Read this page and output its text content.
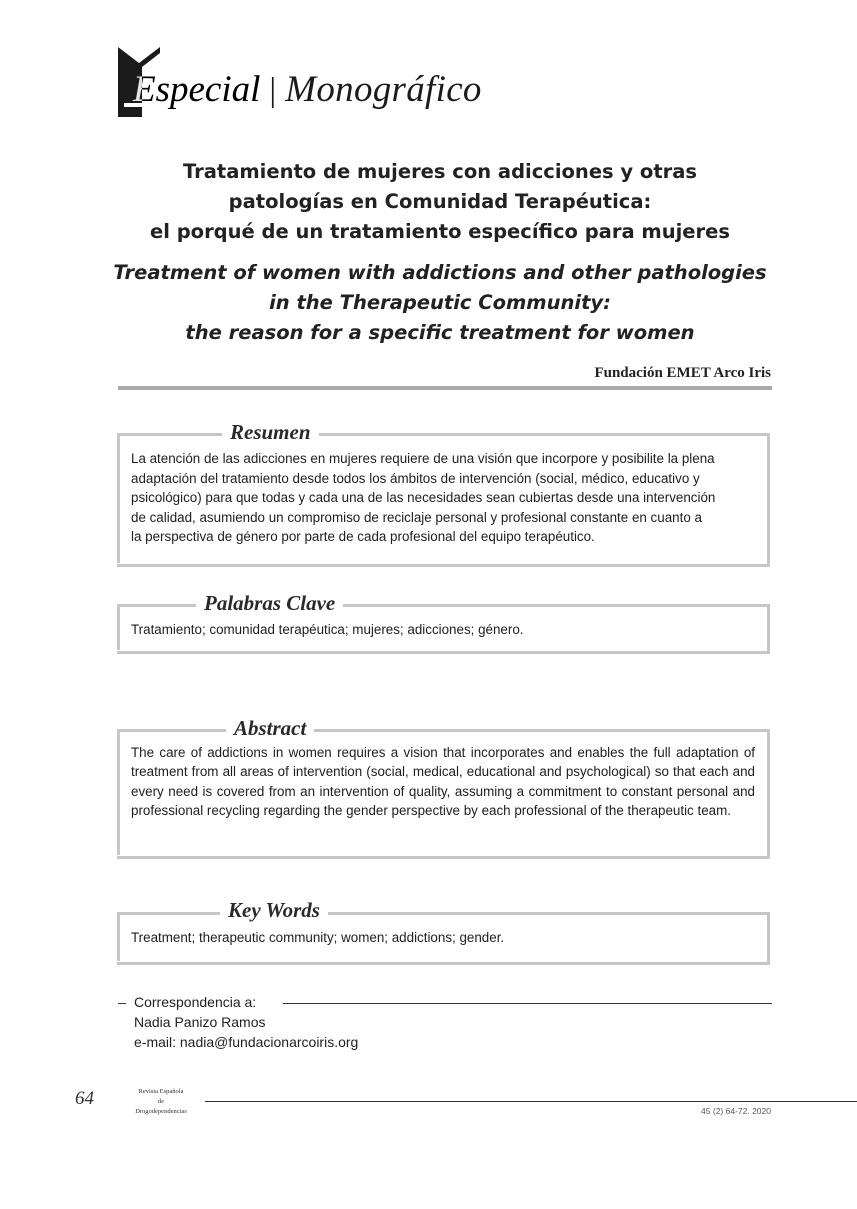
Especial | Monográfico
Tratamiento de mujeres con adicciones y otras
patologías en Comunidad Terapéutica:
el porqué de un tratamiento específico para mujeres
Treatment of women with addictions and other pathologies
in the Therapeutic Community:
the reason for a specific treatment for women
Fundación EMET Arco Iris
Resumen
La atención de las adicciones en mujeres requiere de una visión que incorpore y posibilite la plena
adaptación del tratamiento desde todos los ámbitos de intervención (social, médico, educativo y
psicológico) para que todas y cada una de las necesidades sean cubiertas desde una intervención
de calidad, asumiendo un compromiso de reciclaje personal y profesional constante en cuanto a
la perspectiva de género por parte de cada profesional del equipo terapéutico.
Palabras Clave
Tratamiento; comunidad terapéutica; mujeres; adicciones; género.
Abstract
The care of addictions in women requires a vision that incorporates and enables the full adaptation of treatment from all areas of intervention (social, medical, educational and psychological) so that each and every need is covered from an intervention of quality, assuming a commitment to constant personal and professional recycling regarding the gender perspective by each professional of the therapeutic team.
Key Words
Treatment; therapeutic community; women; addictions; gender.
Correspondencia a:
Nadia Panizo Ramos
e-mail: nadia@fundacionarcoiris.org
64	Revista Española
de
Drogodependencias	45 (2) 64-72. 2020
